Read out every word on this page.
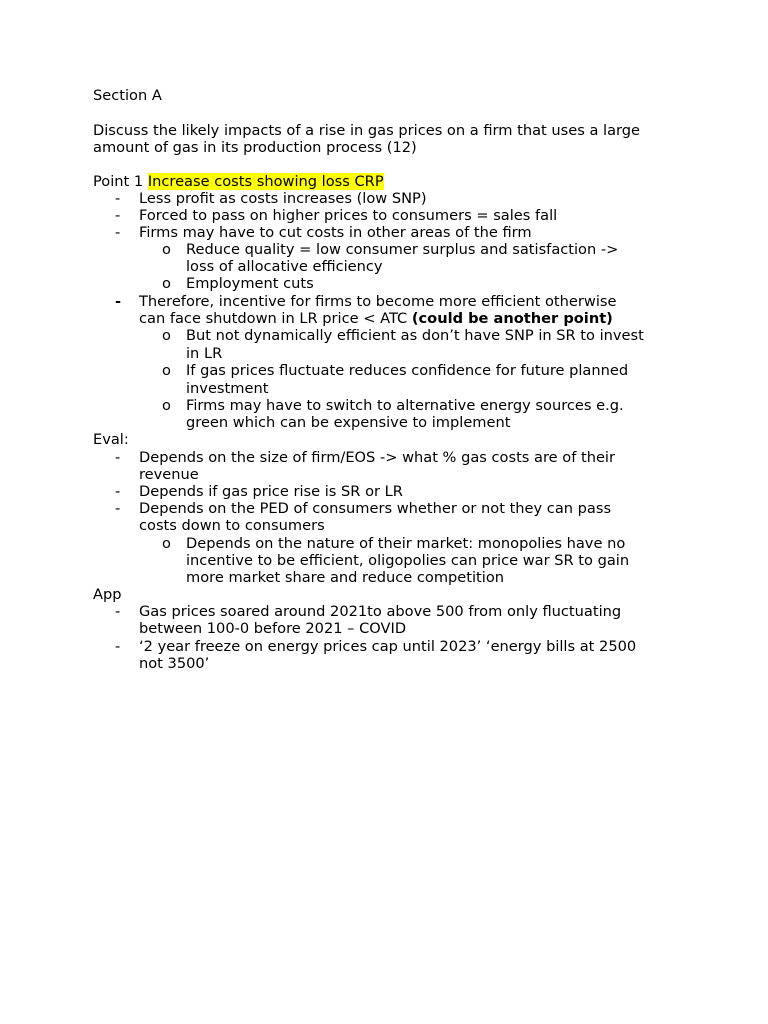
Section A
Discuss the likely impacts of a rise in gas prices on a firm that uses a large
amount of gas in its production process (12)
Point 1 Increase costs showing loss CRP
- Less profit as costs increases (low SNP)
- Forced to pass on higher prices to consumers = sales fall
- Firms may have to cut costs in other areas of the firm
o Reduce quality = low consumer surplus and satisfaction ->
loss of allocative efficiency
o Employment cuts
- Therefore, incentive for firms to become more efficient otherwise
can face shutdown in LR price < ATC (could be another point)
o But not dynamically efficient as don’t have SNP in SR to invest
in LR
o If gas prices fluctuate reduces confidence for future planned
investment
o Firms may have to switch to alternative energy sources e.g.
green which can be expensive to implement
Eval:
- Depends on the size of firm/EOS -> what % gas costs are of their
revenue
- Depends if gas price rise is SR or LR
- Depends on the PED of consumers whether or not they can pass
costs down to consumers
o Depends on the nature of their market: monopolies have no
incentive to be efficient, oligopolies can price war SR to gain
more market share and reduce competition
App
- Gas prices soared around 2021to above 500 from only fluctuating
between 100-0 before 2021 – COVID
- ‘2 year freeze on energy prices cap until 2023’ ‘energy bills at 2500
not 3500’
